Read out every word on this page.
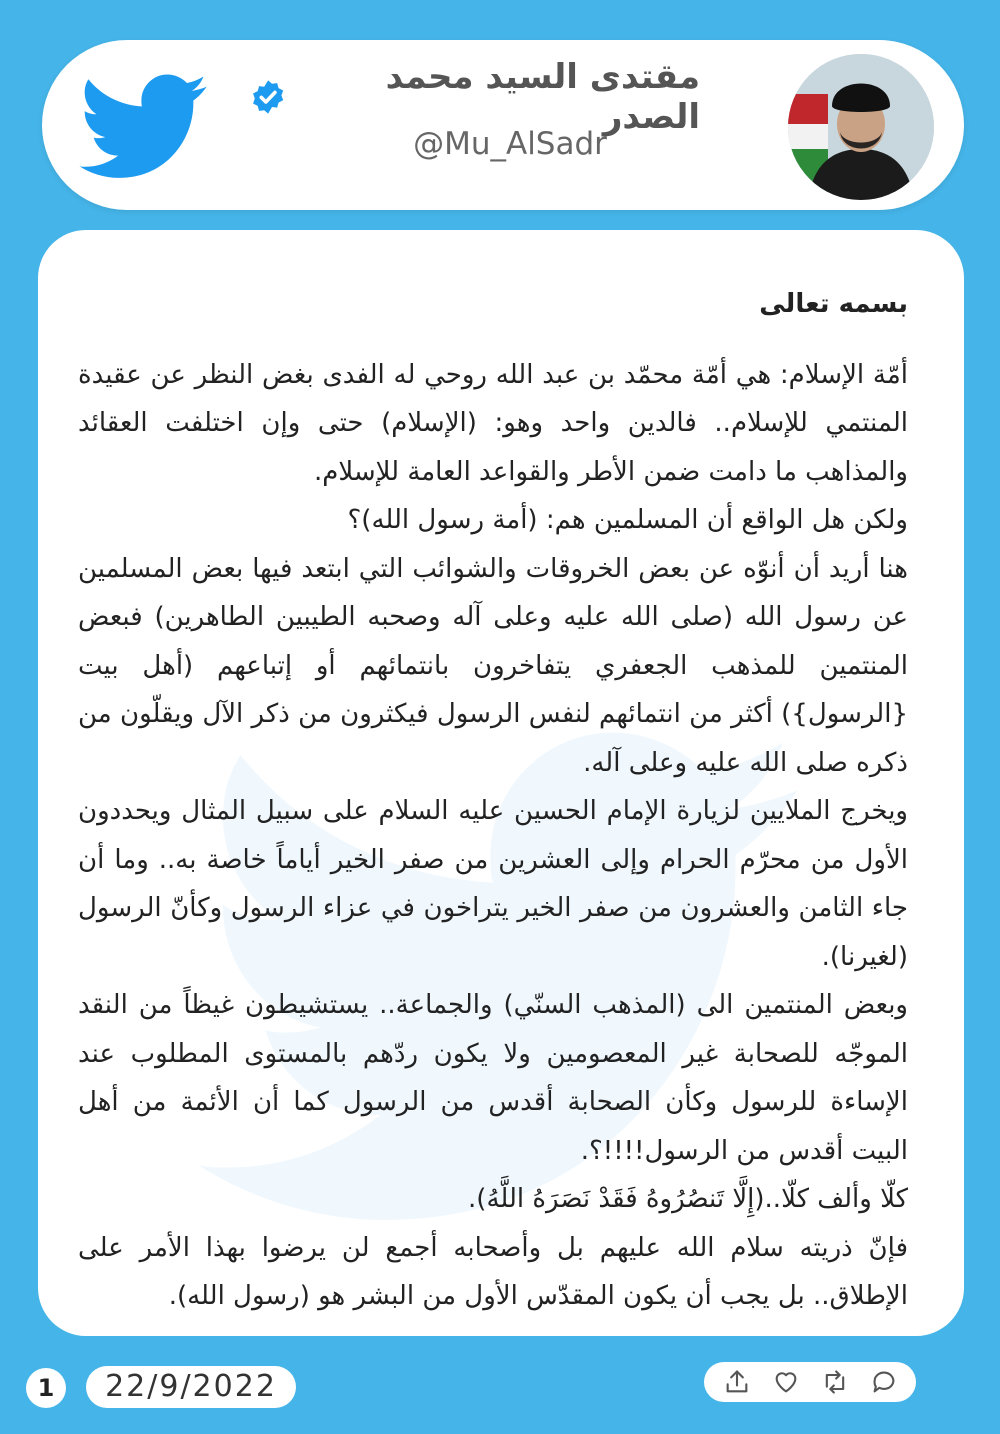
مقتدى السيد محمد الصدر
@Mu_AlSadr

بسمه تعالى

أمّة الإسلام: هي أمّة محمّد بن عبد الله روحي له الفدى بغض النظر عن عقيدة المنتمي للإسلام.. فالدين واحد وهو: (الإسلام) حتى وإن اختلفت العقائد والمذاهب ما دامت ضمن الأطر والقواعد العامة للإسلام.

ولكن هل الواقع أن المسلمين هم: (أمة رسول الله)؟

هنا أريد أن أنوّه عن بعض الخروقات والشوائب التي ابتعد فيها بعض المسلمين عن رسول الله (صلى الله عليه وعلى آله وصحبه الطيبين الطاهرين) فبعض المنتمين للمذهب الجعفري يتفاخرون بانتمائهم أو إتباعهم (أهل بيت {الرسول}) أكثر من انتمائهم لنفس الرسول فيكثرون من ذكر الآل ويقلّون من ذكره صلى الله عليه وعلى آله.

ويخرج الملايين لزيارة الإمام الحسين عليه السلام على سبيل المثال ويحددون الأول من محرّم الحرام وإلى العشرين من صفر الخير أياماً خاصة به.. وما أن جاء الثامن والعشرون من صفر الخير يتراخون في عزاء الرسول وكأنّ الرسول (لغيرنا).

وبعض المنتمين الى (المذهب السنّي) والجماعة.. يستشيطون غيظاً من النقد الموجّه للصحابة غير المعصومين ولا يكون ردّهم بالمستوى المطلوب عند الإساءة للرسول وكأن الصحابة أقدس من الرسول كما أن الأئمة من أهل البيت أقدس من الرسول!!!!؟.

كلّا وألف كلّا..(إِلَّا تَنصُرُوهُ فَقَدْ نَصَرَهُ اللَّهُ).

فإنّ ذريته سلام الله عليهم بل وأصحابه أجمع لن يرضوا بهذا الأمر على الإطلاق.. بل يجب أن يكون المقدّس الأول من البشر هو (رسول الله).

1	22/9/2022
